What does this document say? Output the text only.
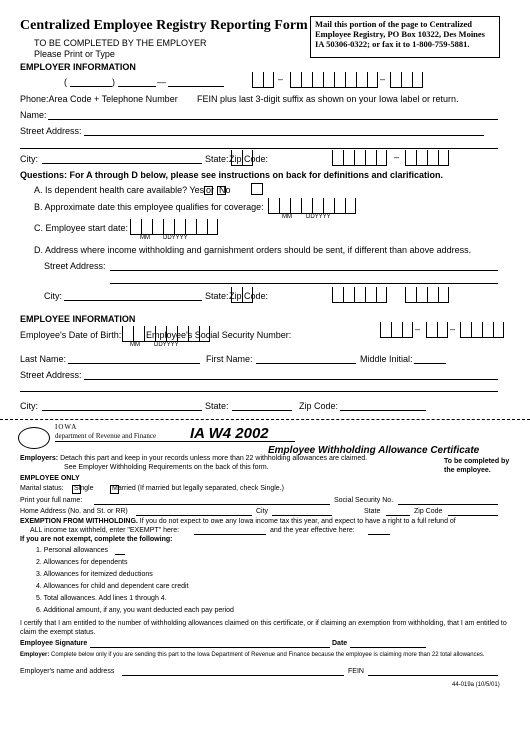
Centralized Employee Registry Reporting Form
TO BE COMPLETED BY THE EMPLOYER
Please Print or Type
Mail this portion of the page to Centralized Employee Registry, PO Box 10322, Des Moines IA 50306-0322; or fax it to 1-800-759-5881.
EMPLOYER INFORMATION
(	)	—	–	–
Phone:Area Code + Telephone Number FEIN plus last 3-digit suffix as shown on your Iowa label or return.
Name:
Street Address:
City:	State: Zip Code:	–
Questions: For A through D below, please see instructions on back for definitions and clarification.
A. Is dependent health care available? Yes or No
B. Approximate date this employee qualifies for coverage:
MM DDYYYY
C. Employee start date:
MM DDYYYY
D. Address where income withholding and garnishment orders should be sent, if different than above address.
Street Address:
City:	State: Zip Code:
EMPLOYEE INFORMATION
Employee's Date of Birth:
MM DDYYYY
Employee's Social Security Number:
–	–
Last Name:	First Name:	Middle Initial:
Street Address:
City:	State:	Zip Code:
IOWA
department of Revenue and Finance IA W4 2002
Employee Withholding Allowance Certificate
To be completed by the employee.
Employers: Detach this part and keep in your records unless more than 22 withholding allowances are claimed.
See Employer Withholding Requirements on the back of this form.
EMPLOYEE ONLY
Marital status: Single	Married (If married but legally separated, check Single.)
Print your full name:	Social Security No.
Home Address (No. and St. or RR)	City	State	Zip Code
EXEMPTION FROM WITHHOLDING. If you do not expect to owe any Iowa income tax this year, and expect to have a right to a full refund of
ALL income tax withheld, enter "EXEMPT" here:	and the year effective here:
If you are not exempt, complete the following:
1. Personal allowances
2. Allowances for dependents
3. Allowances for itemized deductions
4. Allowances for child and dependent care credit
5. Total allowances. Add lines 1 through 4.
6. Additional amount, if any, you want deducted each pay period
I certify that I am entitled to the number of withholding allowances claimed on this certificate, or if claiming an exemption from withholding, that I am entitled to claim the exempt status.
Employee Signature	Date
Employer: Complete below only if you are sending this part to the Iowa Department of Revenue and Finance because the employee is claiming more than 22 total allowances.
Employer's name and address	FEIN
44-019a (10/5/01)
